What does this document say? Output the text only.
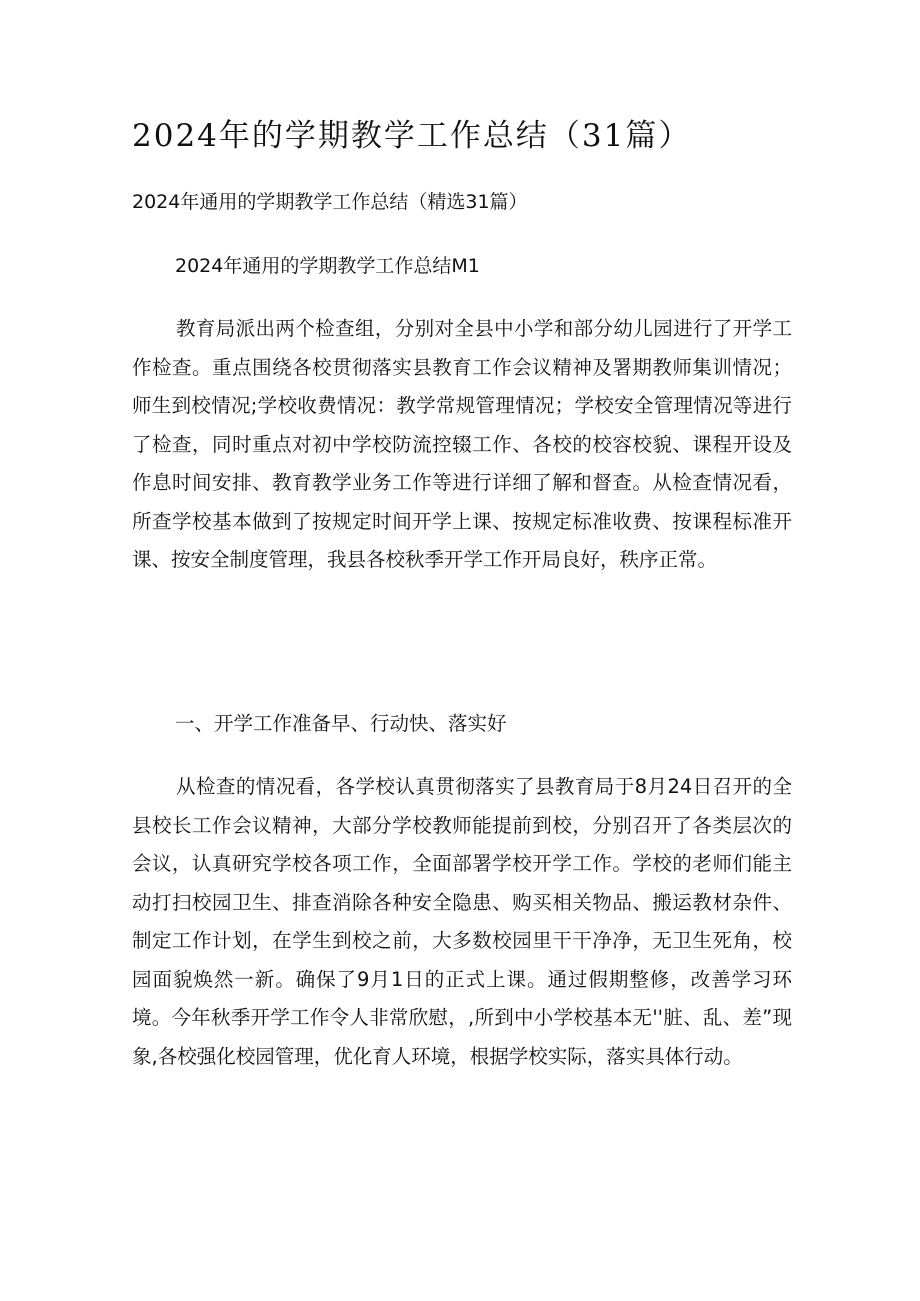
2024年的学期教学工作总结（31篇）

2024年通用的学期教学工作总结（精选31篇）

2024年通用的学期教学工作总结M1

教育局派出两个检查组，分别对全县中小学和部分幼儿园进行了开学工作检查。重点围绕各校贯彻落实县教育工作会议精神及署期教师集训情况；师生到校情况;学校收费情况：教学常规管理情况；学校安全管理情况等进行了检查，同时重点对初中学校防流控辍工作、各校的校容校貌、课程开设及作息时间安排、教育教学业务工作等进行详细了解和督查。从检查情况看，所查学校基本做到了按规定时间开学上课、按规定标准收费、按课程标准开课、按安全制度管理，我县各校秋季开学工作开局良好，秩序正常。

一、开学工作准备早、行动快、落实好

从检查的情况看，各学校认真贯彻落实了县教育局于8月24日召开的全县校长工作会议精神，大部分学校教师能提前到校，分别召开了各类层次的会议，认真研究学校各项工作，全面部署学校开学工作。学校的老师们能主动打扫校园卫生、排查消除各种安全隐患、购买相关物品、搬运教材杂件、制定工作计划，在学生到校之前，大多数校园里干干净净，无卫生死角，校园面貌焕然一新。确保了9月1日的正式上课。通过假期整修，改善学习环境。今年秋季开学工作令人非常欣慰，,所到中小学校基本无''脏、乱、差”现象,各校强化校园管理，优化育人环境，根据学校实际，落实具体行动。
